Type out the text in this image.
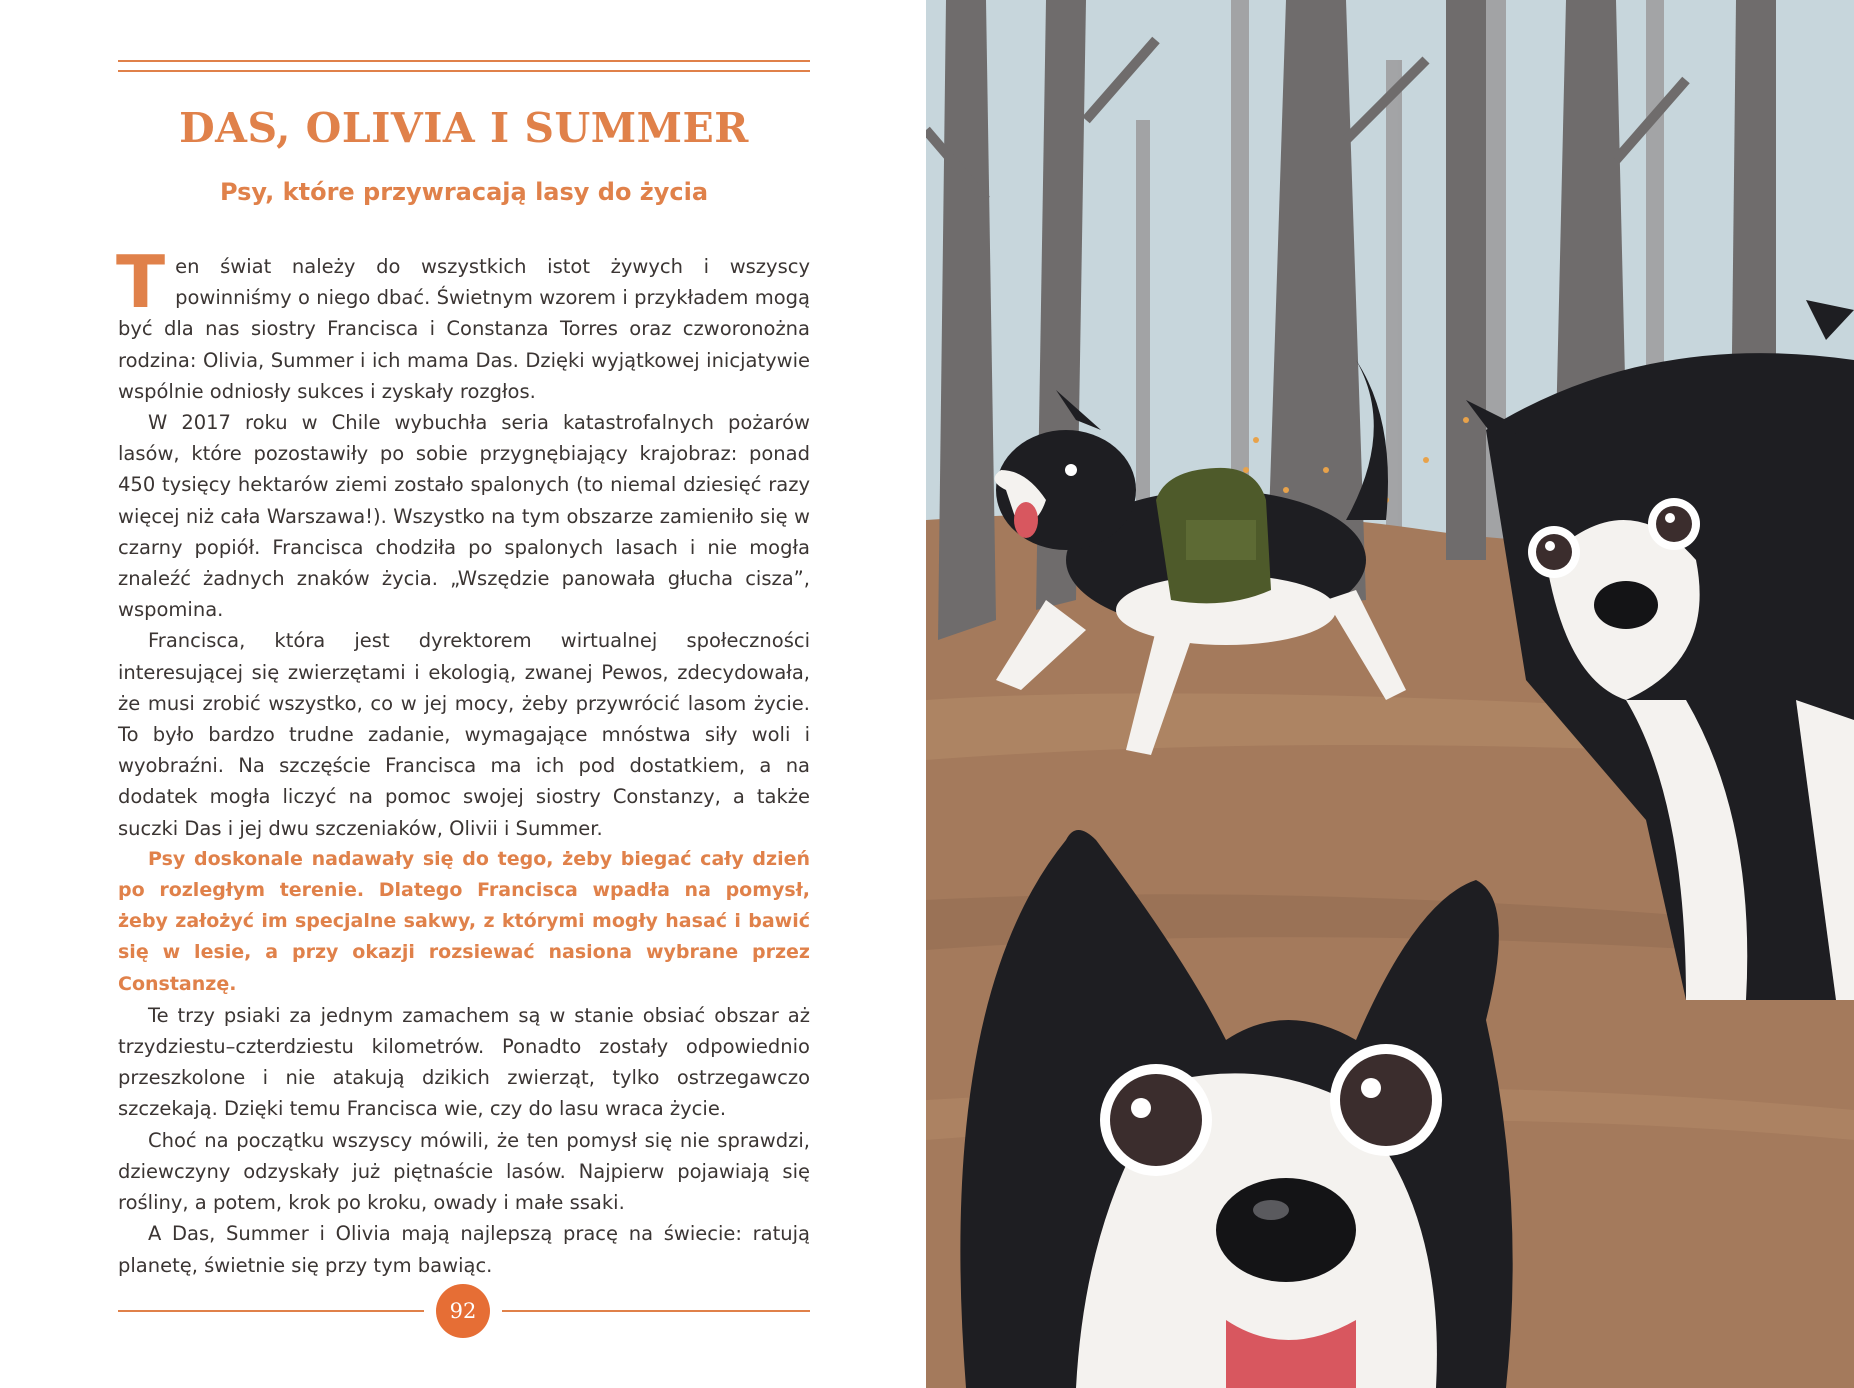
DAS, OLIVIA I SUMMER
Psy, które przywracają lasy do życia

Ten świat należy do wszystkich istot żywych i wszyscy powinniśmy o niego dbać. Świetnym wzorem i przykładem mogą być dla nas siostry Francisca i Constanza Torres oraz czworonożna rodzina: Olivia, Summer i ich mama Das. Dzięki wyjątkowej inicjatywie wspólnie odniosły sukces i zyskały rozgłos.

W 2017 roku w Chile wybuchła seria katastrofalnych pożarów lasów, które pozostawiły po sobie przygnębiający krajobraz: ponad 450 tysięcy hektarów ziemi zostało spalonych (to niemal dziesięć razy więcej niż cała Warszawa!). Wszystko na tym obszarze zamieniło się w czarny popiół. Francisca chodziła po spalonych lasach i nie mogła znaleźć żadnych znaków życia. „Wszędzie panowała głucha cisza”, wspomina.

Francisca, która jest dyrektorem wirtualnej społeczności interesującej się zwierzętami i ekologią, zwanej Pewos, zdecydowała, że musi zrobić wszystko, co w jej mocy, żeby przywrócić lasom życie. To było bardzo trudne zadanie, wymagające mnóstwa siły woli i wyobraźni. Na szczęście Francisca ma ich pod dostatkiem, a na dodatek mogła liczyć na pomoc swojej siostry Constanzy, a także suczki Das i jej dwu szczeniaków, Olivii i Summer.

Psy doskonale nadawały się do tego, żeby biegać cały dzień po rozległym terenie. Dlatego Francisca wpadła na pomysł, żeby założyć im specjalne sakwy, z którymi mogły hasać i bawić się w lesie, a przy okazji rozsiewać nasiona wybrane przez Constanzę.

Te trzy psiaki za jednym zamachem są w stanie obsiać obszar aż trzydziestu–czterdziestu kilometrów. Ponadto zostały odpowiednio przeszkolone i nie atakują dzikich zwierząt, tylko ostrzegawczo szczekają. Dzięki temu Francisca wie, czy do lasu wraca życie.

Choć na początku wszyscy mówili, że ten pomysł się nie sprawdzi, dziewczyny odzyskały już piętnaście lasów. Najpierw pojawiają się rośliny, a potem, krok po kroku, owady i małe ssaki.

A Das, Summer i Olivia mają najlepszą pracę na świecie: ratują planetę, świetnie się przy tym bawiąc.

92
